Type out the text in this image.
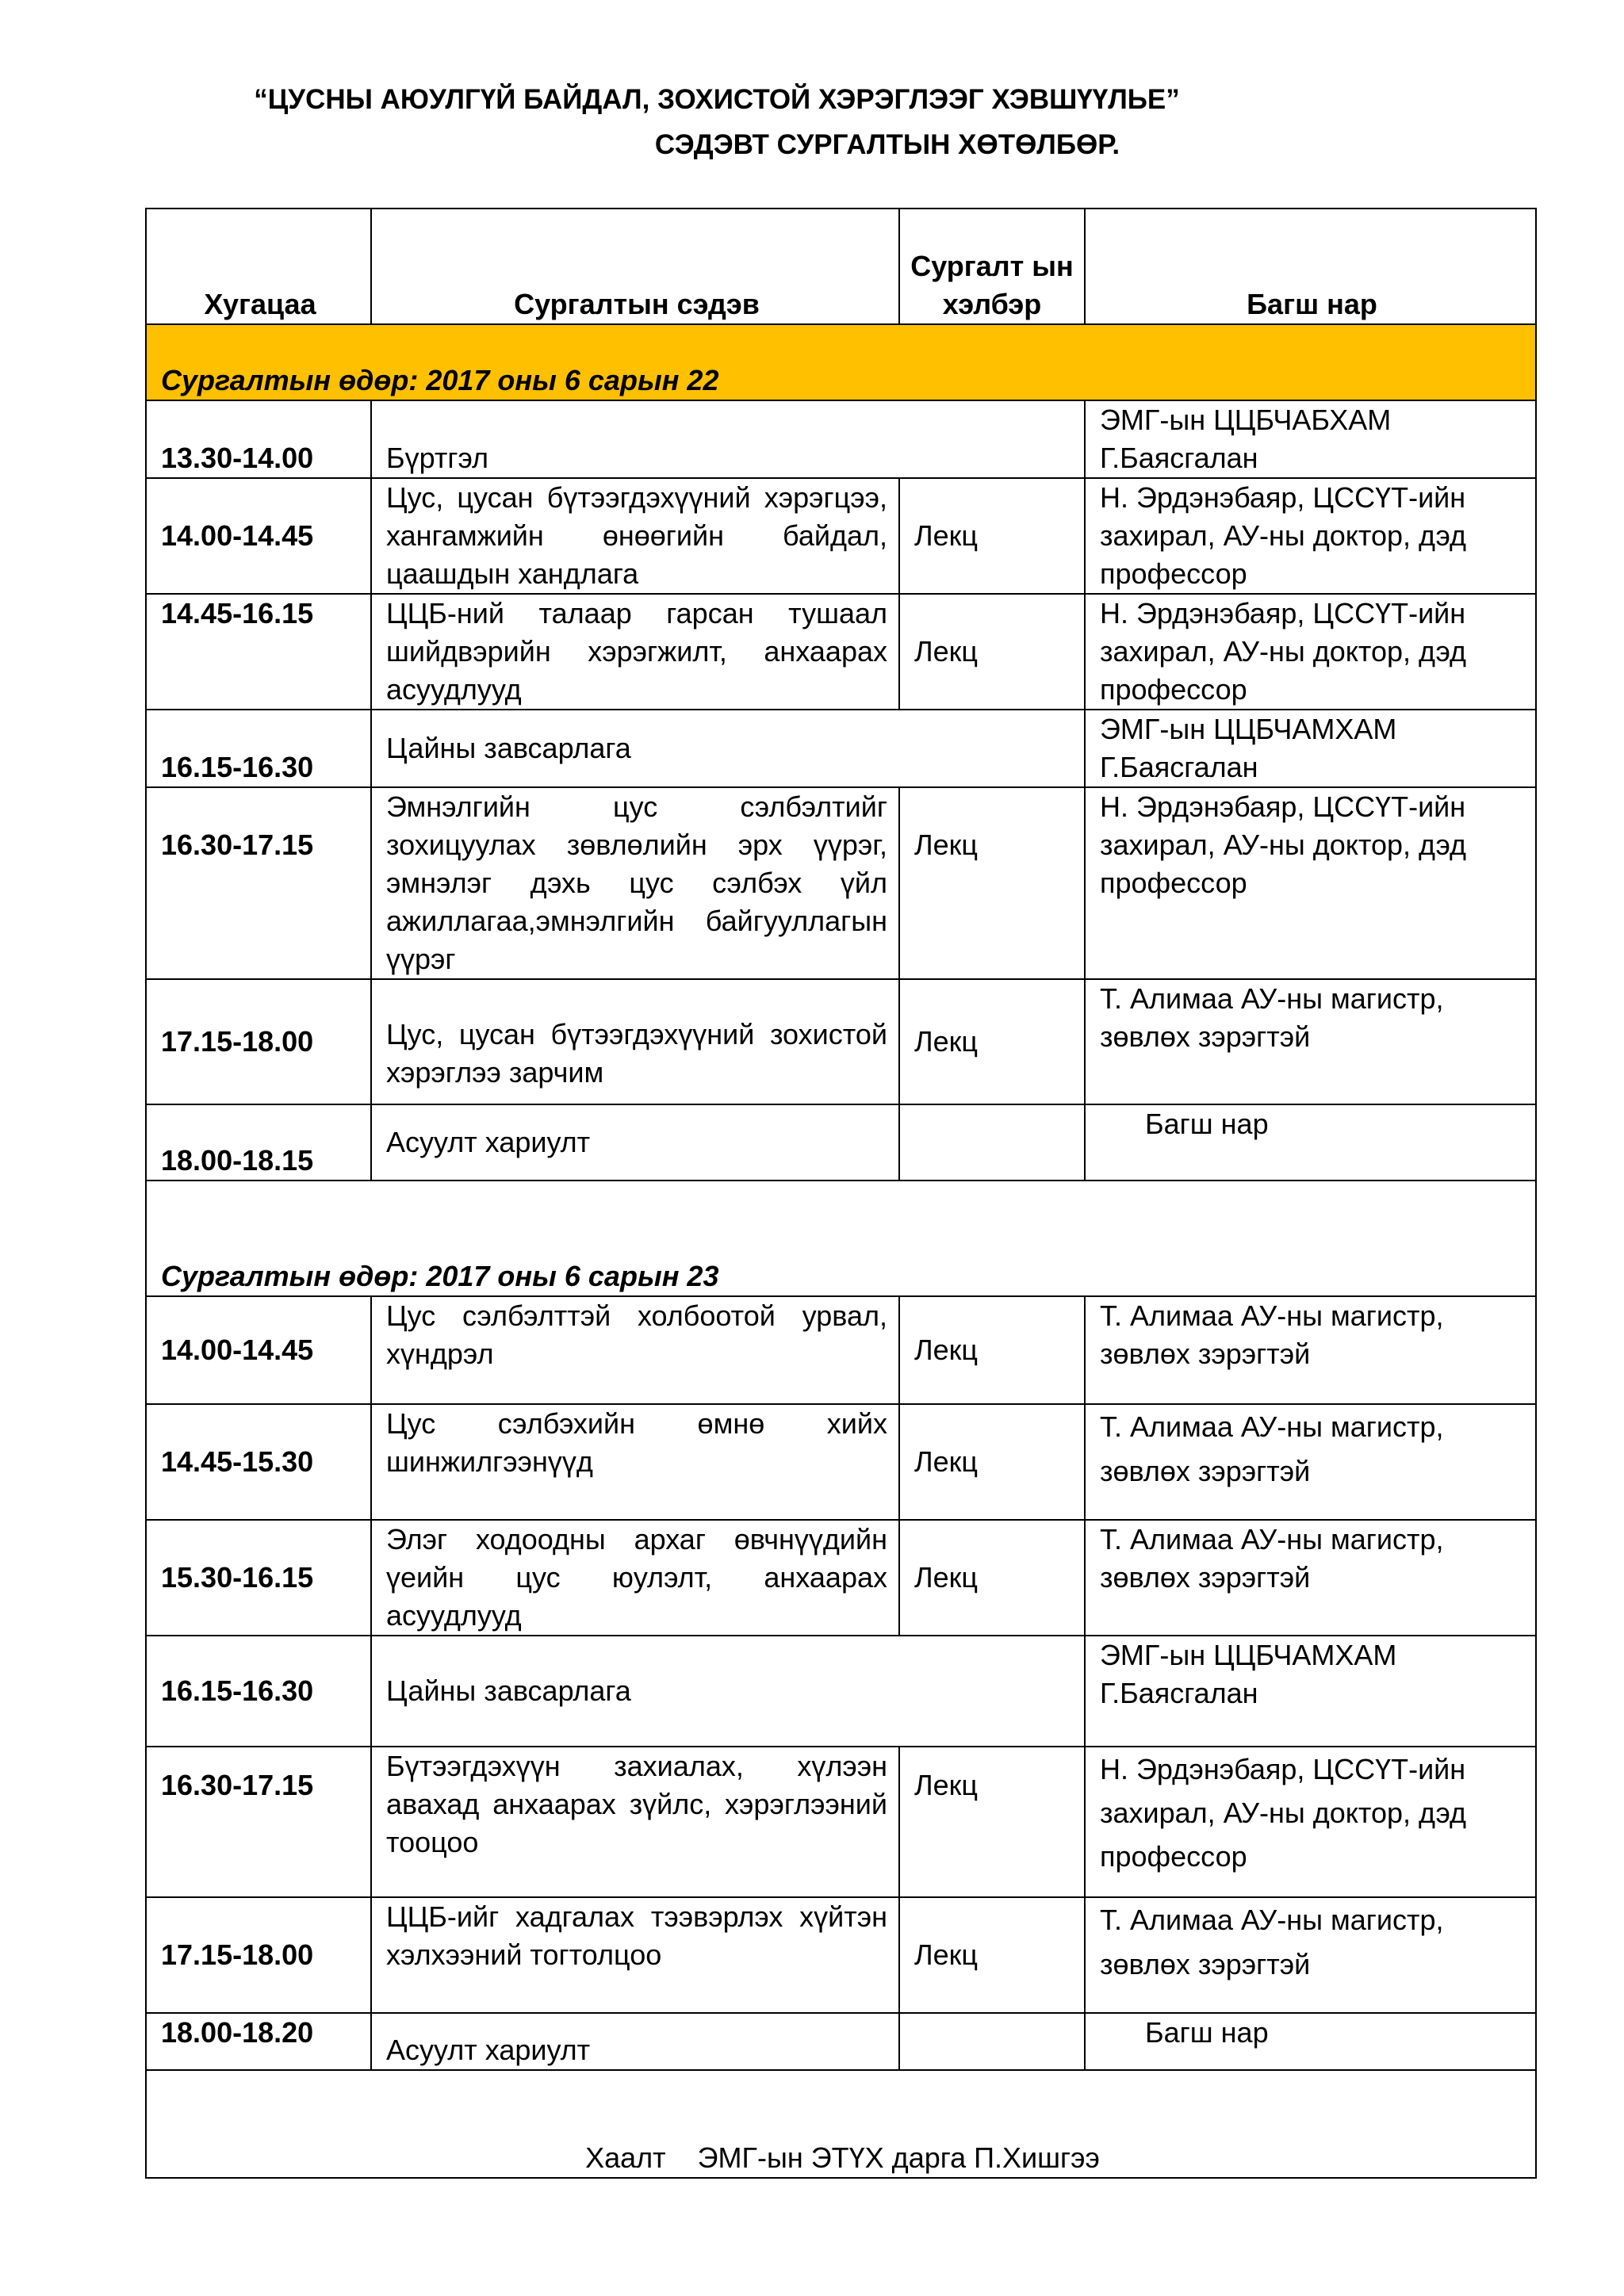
“ЦУСНЫ АЮУЛГҮЙ БАЙДАЛ, ЗОХИСТОЙ ХЭРЭГЛЭЭГ ХЭВШҮҮЛЬЕ”
СЭДЭВТ СУРГАЛТЫН ХӨТӨЛБӨР.
Хугацаа	Сургалтын сэдэв	Сургалт ын хэлбэр	Багш нар
Сургалтын өдөр: 2017 оны 6 сарын 22			
13.30-14.00	Бүртгэл		ЭМГ-ын ЦЦБЧАБХАМ Г.Баясгалан
14.00-14.45	Цус, цусан бүтээгдэхүүний хэрэгцээ, хангамжийн өнөөгийн байдал, цаашдын хандлага	Лекц	Н. Эрдэнэбаяр, ЦССҮТ-ийн захирал, АУ-ны доктор, дэд профессор
14.45-16.15	ЦЦБ-ний талаар гарсан тушаал шийдвэрийн хэрэгжилт, анхаарах асуудлууд	Лекц	Н. Эрдэнэбаяр, ЦССҮТ-ийн захирал, АУ-ны доктор, дэд профессор
16.15-16.30	Цайны завсарлага		ЭМГ-ын ЦЦБЧАМХАМ Г.Баясгалан
16.30-17.15	Эмнэлгийн цус сэлбэлтийг зохицуулах зөвлөлийн эрх үүрэг, эмнэлэг дэхь цус сэлбэх үйл ажиллагаа,эмнэлгийн байгууллагын үүрэг	Лекц	Н. Эрдэнэбаяр, ЦССҮТ-ийн захирал, АУ-ны доктор, дэд профессор
17.15-18.00	Цус, цусан бүтээгдэхүүний зохистой хэрэглээ зарчим	Лекц	Т. Алимаа АУ-ны магистр, зөвлөх зэрэгтэй
18.00-18.15	Асуулт хариулт		Багш нар
Сургалтын өдөр: 2017 оны 6 сарын 23			
14.00-14.45	Цус сэлбэлттэй холбоотой урвал, хүндрэл	Лекц	Т. Алимаа АУ-ны магистр, зөвлөх зэрэгтэй
14.45-15.30	Цус сэлбэхийн өмнө хийх шинжилгээнүүд	Лекц	Т. Алимаа АУ-ны магистр, зөвлөх зэрэгтэй
15.30-16.15	Элэг ходоодны архаг өвчнүүдийн үеийн цус юулэлт, анхаарах асуудлууд	Лекц	Т. Алимаа АУ-ны магистр, зөвлөх зэрэгтэй
16.15-16.30	Цайны завсарлага		ЭМГ-ын ЦЦБЧАМХАМ Г.Баясгалан
16.30-17.15	Бүтээгдэхүүн захиалах, хүлээн авахад анхаарах зүйлс, хэрэглээний тооцоо	Лекц	Н. Эрдэнэбаяр, ЦССҮТ-ийн захирал, АУ-ны доктор, дэд профессор
17.15-18.00	ЦЦБ-ийг хадгалах тээвэрлэх хүйтэн хэлхээний тогтолцоо	Лекц	Т. Алимаа АУ-ны магистр, зөвлөх зэрэгтэй
18.00-18.20	Асуулт хариулт		Багш нар
Хаалт    ЭМГ-ын ЭТҮХ дарга П.Хишгээ			
